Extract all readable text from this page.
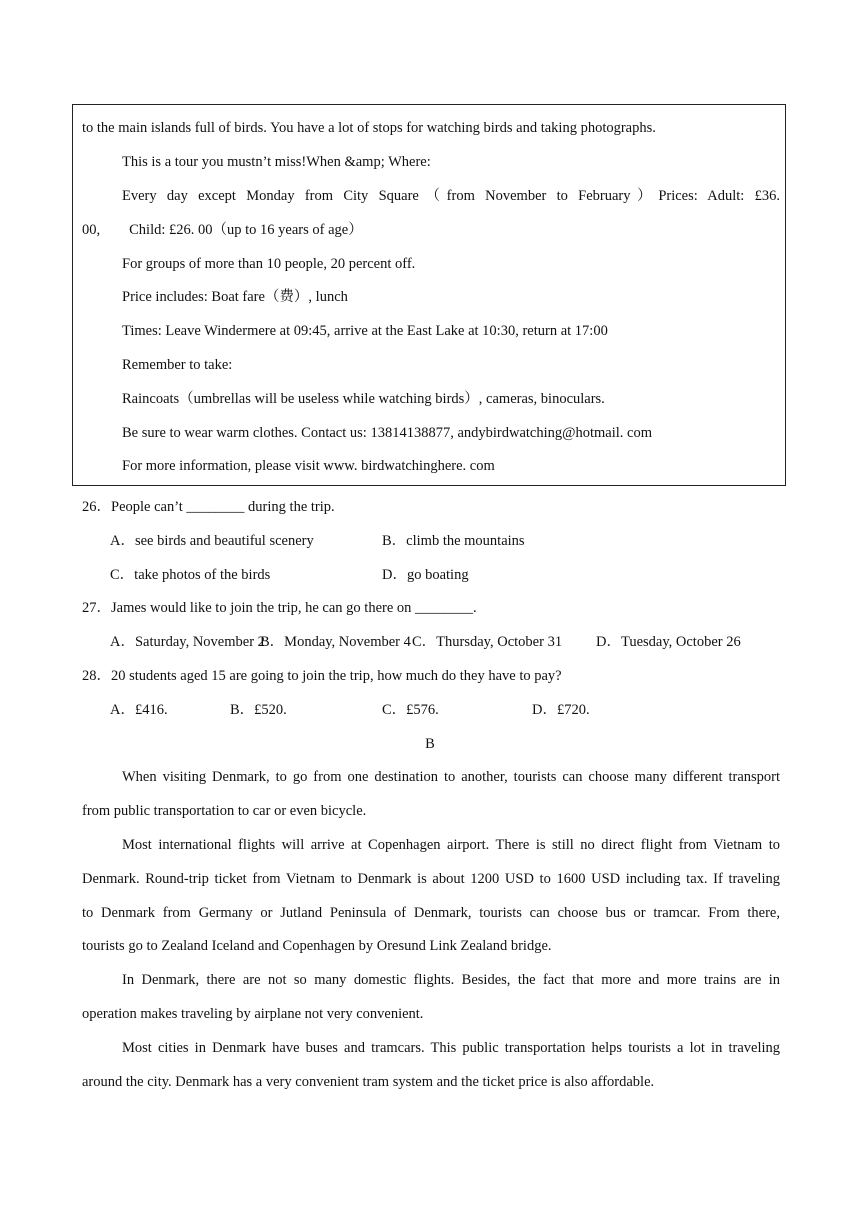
to the main islands full of birds. You have a lot of stops for watching birds and taking photographs.
This is a tour you mustn’t miss!When &amp; Where:
Every day except Monday from City Square（from November to February）Prices: Adult: £36.
00,        Child: £26. 00（up to 16 years of age）
For groups of more than 10 people, 20 percent off.
Price includes: Boat fare（费）, lunch
Times: Leave Windermere at 09:45, arrive at the East Lake at 10:30, return at 17:00
Remember to take:
Raincoats（umbrellas will be useless while watching birds）, cameras, binoculars.
Be sure to wear warm clothes. Contact us: 13814138877, andybirdwatching@hotmail. com
For more information, please visit www. birdwatchinghere. com
26．People can’t ________ during the trip.
A．see birds and beautiful scenery	B．climb the mountains
C．take photos of the birds	D．go boating
27．James would like to join the trip, he can go there on ________.
A．Saturday, November 2
B．Monday, November 4 C．Thursday, October 31 D．Tuesday, October 26
28．20 students aged 15 are going to join the trip, how much do they have to pay?
A．£416.	B．£520.	C．£576.	D．£720.
B
When visiting Denmark, to go from one destination to another, tourists can choose many different transport
from public transportation to car or even bicycle.
Most international flights will arrive at Copenhagen airport. There is still no direct flight from Vietnam to
Denmark. Round-trip ticket from Vietnam to Denmark is about 1200 USD to 1600 USD including tax. If traveling
to Denmark from Germany or Jutland Peninsula of Denmark, tourists can choose bus or tramcar. From there,
tourists go to Zealand Iceland and Copenhagen by Oresund Link Zealand bridge.
In Denmark, there are not so many domestic flights. Besides, the fact that more and more trains are in
operation makes traveling by airplane not very convenient.
Most cities in Denmark have buses and tramcars. This public transportation helps tourists a lot in traveling
around the city. Denmark has a very convenient tram system and the ticket price is also affordable.
